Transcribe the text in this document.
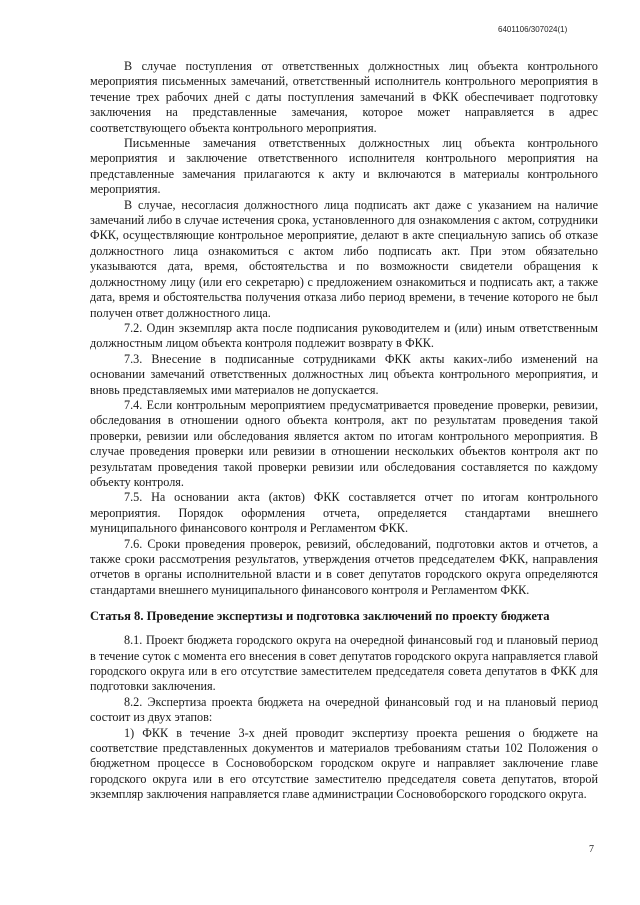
6401106/307024(1)

В случае поступления от ответственных должностных лиц объекта контрольного мероприятия письменных замечаний, ответственный исполнитель контрольного мероприятия в течение трех рабочих дней с даты поступления замечаний в ФКК обеспечивает подготовку заключения на представленные замечания, которое может направляется в адрес соответствующего объекта контрольного мероприятия.

Письменные замечания ответственных должностных лиц объекта контрольного мероприятия и заключение ответственного исполнителя контрольного мероприятия на представленные замечания прилагаются к акту и включаются в материалы контрольного мероприятия.

В случае, несогласия должностного лица подписать акт даже с указанием на наличие замечаний либо в случае истечения срока, установленного для ознакомления с актом, сотрудники ФКК, осуществляющие контрольное мероприятие, делают в акте специальную запись об отказе должностного лица ознакомиться с актом либо подписать акт. При этом обязательно указываются дата, время, обстоятельства и по возможности свидетели обращения к должностному лицу (или его секретарю) с предложением ознакомиться и подписать акт, а также дата, время и обстоятельства получения отказа либо период времени, в течение которого не был получен ответ должностного лица.

7.2. Один экземпляр акта после подписания руководителем и (или) иным ответственным должностным лицом объекта контроля подлежит возврату в ФКК.

7.3. Внесение в подписанные сотрудниками ФКК акты каких-либо изменений на основании замечаний ответственных должностных лиц объекта контрольного мероприятия, и вновь представляемых ими материалов не допускается.

7.4. Если контрольным мероприятием предусматривается проведение проверки, ревизии, обследования в отношении одного объекта контроля, акт по результатам проведения такой проверки, ревизии или обследования является актом по итогам контрольного мероприятия. В случае проведения проверки или ревизии в отношении нескольких объектов контроля акт по результатам проведения такой проверки ревизии или обследования составляется по каждому объекту контроля.

7.5. На основании акта (актов) ФКК составляется отчет по итогам контрольного мероприятия. Порядок оформления отчета, определяется стандартами внешнего муниципального финансового контроля и Регламентом ФКК.

7.6. Сроки проведения проверок, ревизий, обследований, подготовки актов и отчетов, а также сроки рассмотрения результатов, утверждения отчетов председателем ФКК, направления отчетов в органы исполнительной власти и в совет депутатов городского округа определяются стандартами внешнего муниципального финансового контроля и Регламентом ФКК.

Статья 8. Проведение экспертизы и подготовка заключений по проекту бюджета

8.1. Проект бюджета городского округа на очередной финансовый год и плановый период в течение суток с момента его внесения в совет депутатов городского округа направляется главой городского округа или в его отсутствие заместителем председателя совета депутатов в ФКК для подготовки заключения.

8.2. Экспертиза проекта бюджета на очередной финансовый год и на плановый период состоит из двух этапов:

1) ФКК в течение 3-х дней проводит экспертизу проекта решения о бюджете на соответствие представленных документов и материалов требованиям статьи 102 Положения о бюджетном процессе в Сосновоборском городском округе и направляет заключение главе городского округа или в его отсутствие заместителю председателя совета депутатов, второй экземпляр заключения направляется главе администрации Сосновоборского городского округа.

7
